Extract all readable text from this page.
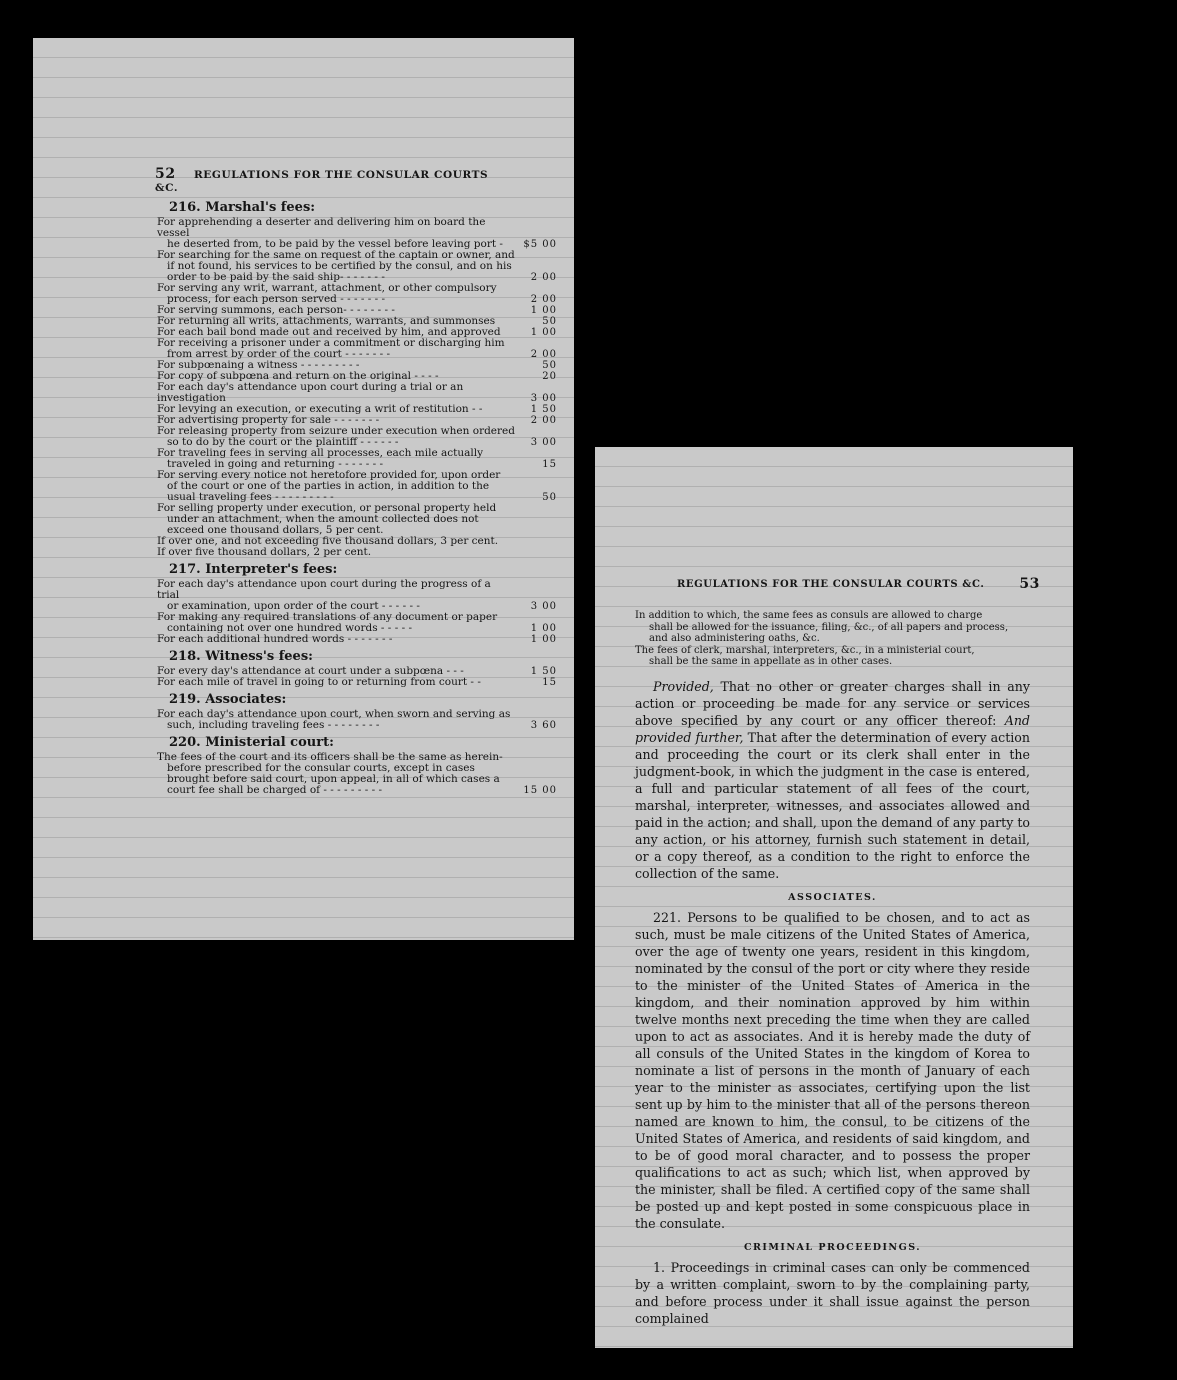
52 REGULATIONS FOR THE CONSULAR COURTS &C.
216. Marshal's fees:
For apprehending a deserter and delivering him on board the vessel
he deserted from, to be paid by the vessel before leaving port -	$5 00
For searching for the same on request of the captain or owner, and
if not found, his services to be certified by the consul, and on his order to be paid by the said ship- - - - - - -	2 00
For serving any writ, warrant, attachment, or other compulsory
process, for each person served - - - - - - -	2 00
For serving summons, each person- - - - - - - -	1 00
For returning all writs, attachments, warrants, and summonses	50
For each bail bond made out and received by him, and approved	1 00
For receiving a prisoner under a commitment or discharging him
from arrest by order of the court - - - - - - -	2 00
For subpœnaing a witness - - - - - - - - -	50
For copy of subpœna and return on the original - - - -	20
For each day's attendance upon court during a trial or an investigation	3 00
For levying an execution, or executing a writ of restitution - -	1 50
For advertising property for sale - - - - - - -	2 00
For releasing property from seizure under execution when ordered
so to do by the court or the plaintiff - - - - - -	3 00
For traveling fees in serving all processes, each mile actually
traveled in going and returning - - - - - - -	15
For serving every notice not heretofore provided for, upon order
of the court or one of the parties in action, in addition to the usual traveling fees - - - - - - - - -	50
For selling property under execution, or personal property held
under an attachment, when the amount collected does not exceed one thousand dollars, 5 per cent.

If over one, and not exceeding five thousand dollars, 3 per cent.

If over five thousand dollars, 2 per cent.

217. Interpreter's fees:
For each day's attendance upon court during the progress of a trial
or examination, upon order of the court - - - - - -	3 00
For making any required translations of any document or paper
containing not over one hundred words - - - - -	1 00
For each additional hundred words - - - - - - -	1 00
218. Witness's fees:
For every day's attendance at court under a subpœna - - -	1 50
For each mile of travel in going to or returning from court - -	15
219. Associates:
For each day's attendance upon court, when sworn and serving as
such, including traveling fees - - - - - - - -	3 60
220. Ministerial court:
The fees of the court and its officers shall be the same as herein-
before prescribed for the consular courts, except in cases brought before said court, upon appeal, in all of which cases a court fee shall be charged of - - - - - - - - -	15 00
REGULATIONS FOR THE CONSULAR COURTS &C. 53

In addition to which, the same fees as consuls are allowed to charge
shall be allowed for the issuance, filing, &c., of all papers and process, and also administering oaths, &c.

The fees of clerk, marshal, interpreters, &c., in a ministerial court,
shall be the same in appellate as in other cases.

Provided, That no other or greater charges shall in any action or proceeding be made for any service or services above specified by any court or any officer thereof: And provided further, That after the determination of every action and proceeding the court or its clerk shall enter in the judgment-book, in which the judgment in the case is entered, a full and particular statement of all fees of the court, marshal, interpreter, witnesses, and associates allowed and paid in the action; and shall, upon the demand of any party to any action, or his attorney, furnish such statement in detail, or a copy thereof, as a condition to the right to enforce the collection of the same.

ASSOCIATES.

221. Persons to be qualified to be chosen, and to act as such, must be male citizens of the United States of America, over the age of twenty one years, resident in this kingdom, nominated by the consul of the port or city where they reside to the minister of the United States of America in the kingdom, and their nomination approved by him within twelve months next preceding the time when they are called upon to act as associates. And it is hereby made the duty of all consuls of the United States in the kingdom of Korea to nominate a list of persons in the month of January of each year to the minister as associates, certifying upon the list sent up by him to the minister that all of the persons thereon named are known to him, the consul, to be citizens of the United States of America, and residents of said kingdom, and to be of good moral character, and to possess the proper qualifications to act as such; which list, when approved by the minister, shall be filed. A certified copy of the same shall be posted up and kept posted in some conspicuous place in the consulate.

CRIMINAL PROCEEDINGS.

1. Proceedings in criminal cases can only be commenced by a written complaint, sworn to by the complaining party, and before process under it shall issue against the person complained
